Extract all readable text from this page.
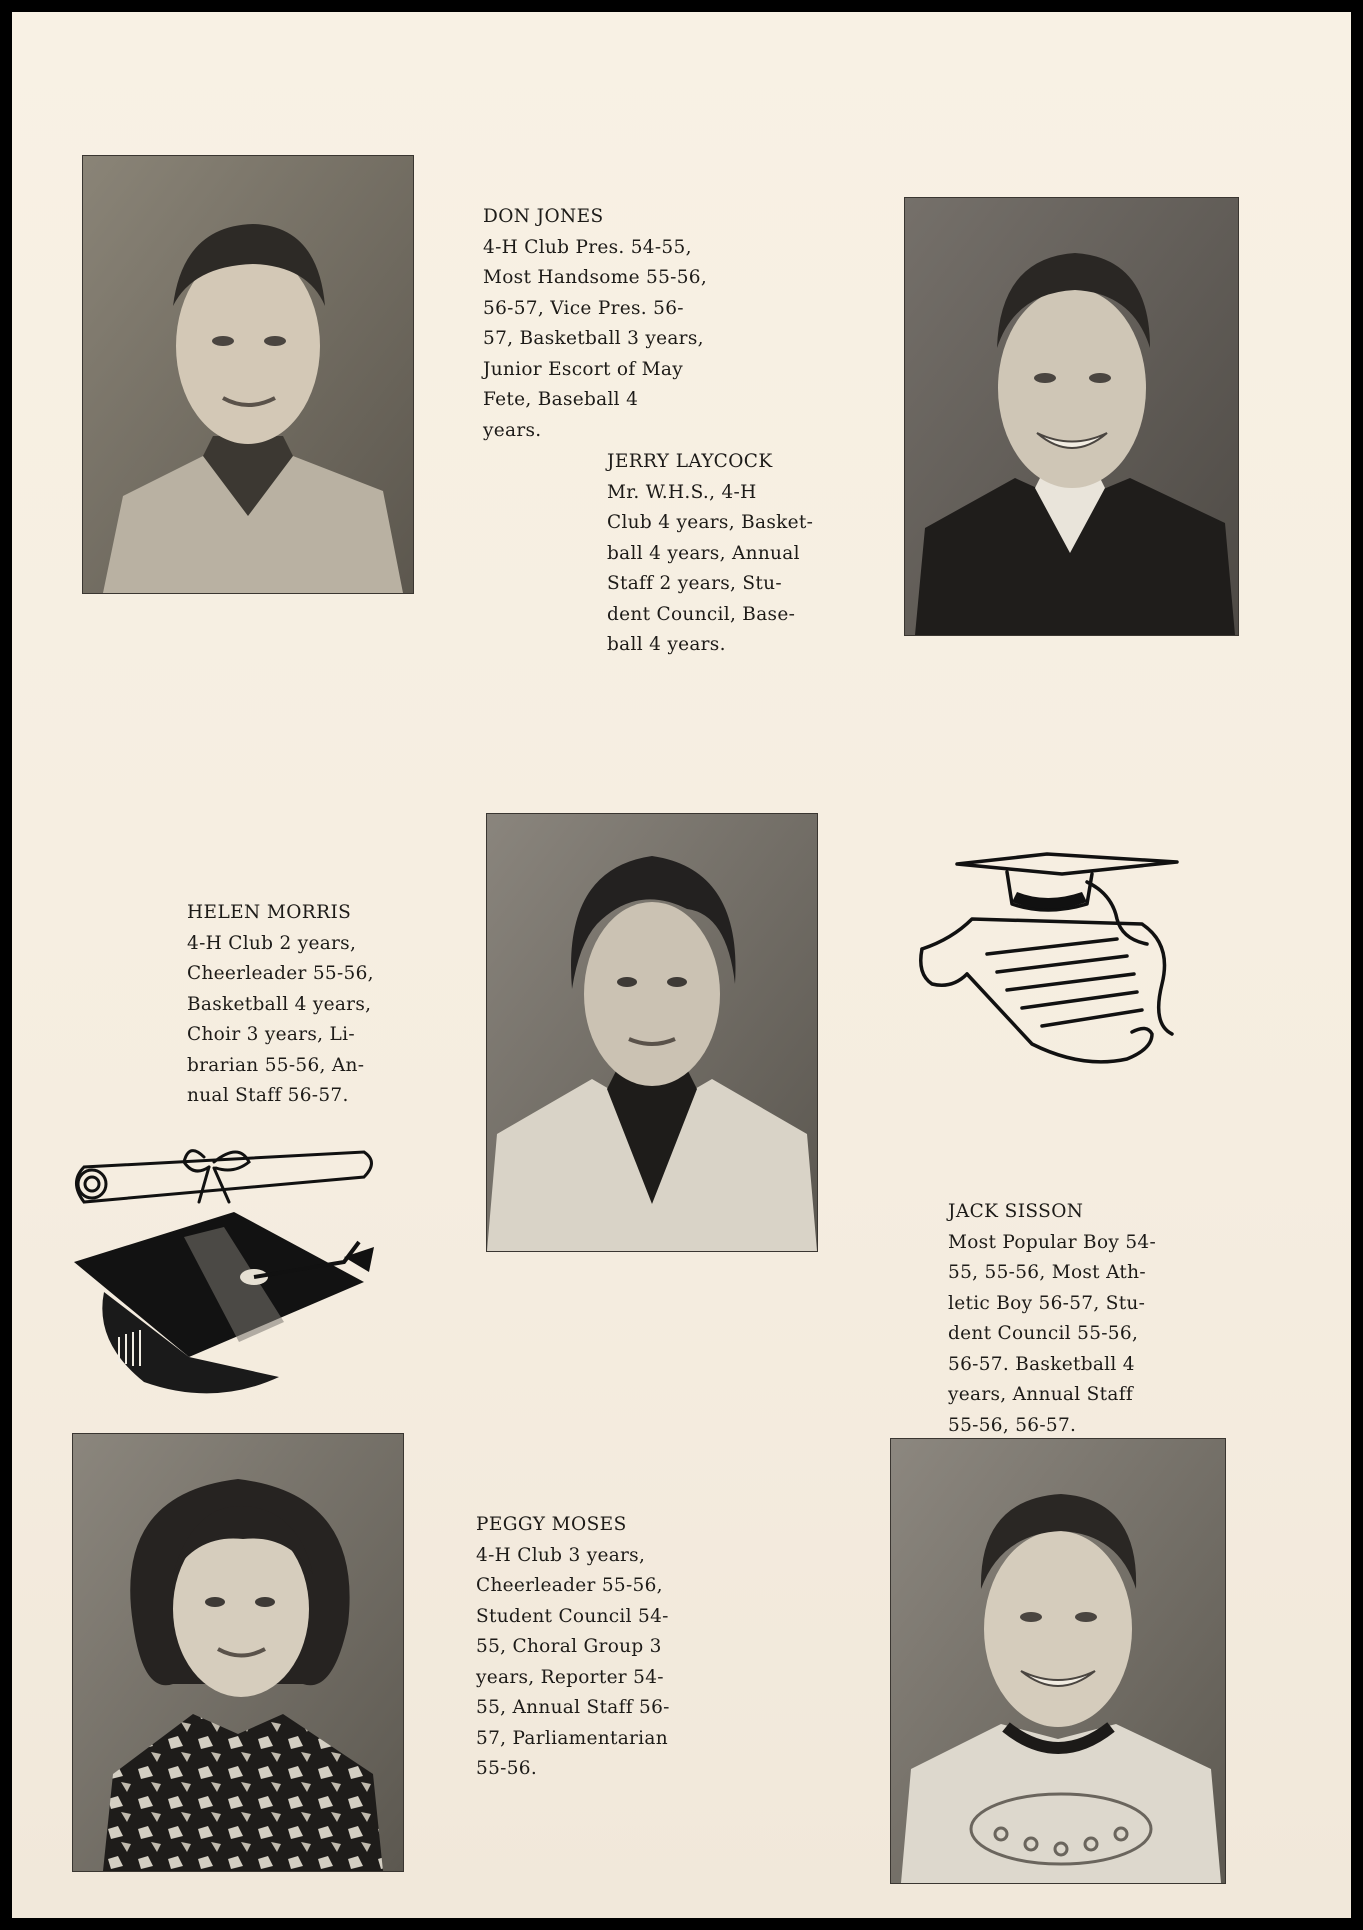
DON JONES
4-H Club Pres. 54-55,
Most Handsome 55-56,
56-57, Vice Pres. 56-
57, Basketball 3 years,
Junior Escort of May
Fete, Baseball 4
years.
JERRY LAYCOCK
Mr. W.H.S., 4-H
Club 4 years, Basket-
ball 4 years, Annual
Staff 2 years, Stu-
dent Council, Base-
ball 4 years.
HELEN MORRIS
4-H Club 2 years,
Cheerleader 55-56,
Basketball 4 years,
Choir 3 years, Li-
brarian 55-56, An-
nual Staff 56-57.
JACK SISSON
Most Popular Boy 54-
55, 55-56, Most Ath-
letic Boy 56-57, Stu-
dent Council 55-56,
56-57. Basketball 4
years, Annual Staff
55-56, 56-57.
PEGGY MOSES
4-H Club 3 years,
Cheerleader 55-56,
Student Council 54-
55, Choral Group 3
years, Reporter 54-
55, Annual Staff 56-
57, Parliamentarian
55-56.
